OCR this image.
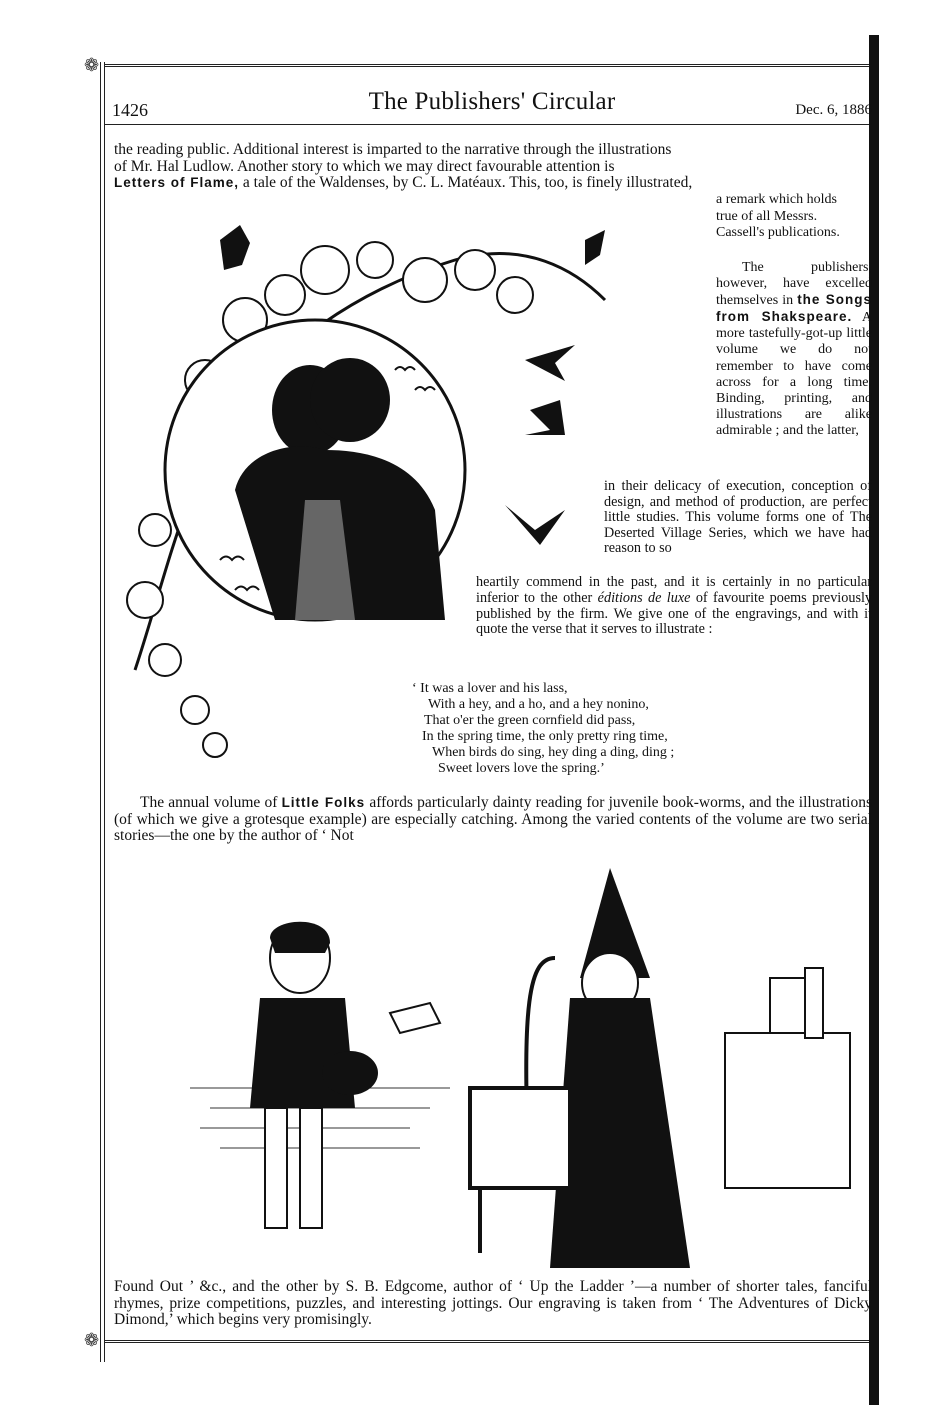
❁
❁
1426	The Publishers' Circular	Dec. 6, 1886

the reading public. Additional interest is imparted to the narrative through the illustrations
of Mr. Hal Ludlow. Another story to which we may direct favourable attention is
Letters of Flame, a tale of the Waldenses, by C. L. Matéaux. This, too, is finely illustrated,

a remark which holds
true of all Messrs.
Cassell's publications.

The publishers, however, have excelled themselves in the Songs from Shakspeare. A more tastefully-got-up little volume we do not remember to have come across for a long time. Binding, printing, and illustrations are alike admirable ; and the latter,

in their delicacy of execution, conception of design, and method of production, are perfect little studies. This volume forms one of The Deserted Village Series, which we have had reason to so

heartily commend in the past, and it is certainly in no particular inferior to the other éditions de luxe of favourite poems previously published by the firm. We give one of the engravings, and with it quote the verse that it serves to illustrate :

‘ It was a lover and his lass,
With a hey, and a ho, and a hey nonino,
That o'er the green cornfield did pass,
In the spring time, the only pretty ring time,
When birds do sing, hey ding a ding, ding ;
Sweet lovers love the spring.’

The annual volume of Little Folks affords particularly dainty reading for juvenile book-worms, and the illustrations (of which we give a grotesque example) are especially catching. Among the varied contents of the volume are two serial stories—the one by the author of ‘ Not

Found Out ’ &c., and the other by S. B. Edgcome, author of ‘ Up the Ladder ’—a number of shorter tales, fanciful rhymes, prize competitions, puzzles, and interesting jottings. Our engraving is taken from ‘ The Adventures of Dicky Dimond,’ which begins very promisingly.
